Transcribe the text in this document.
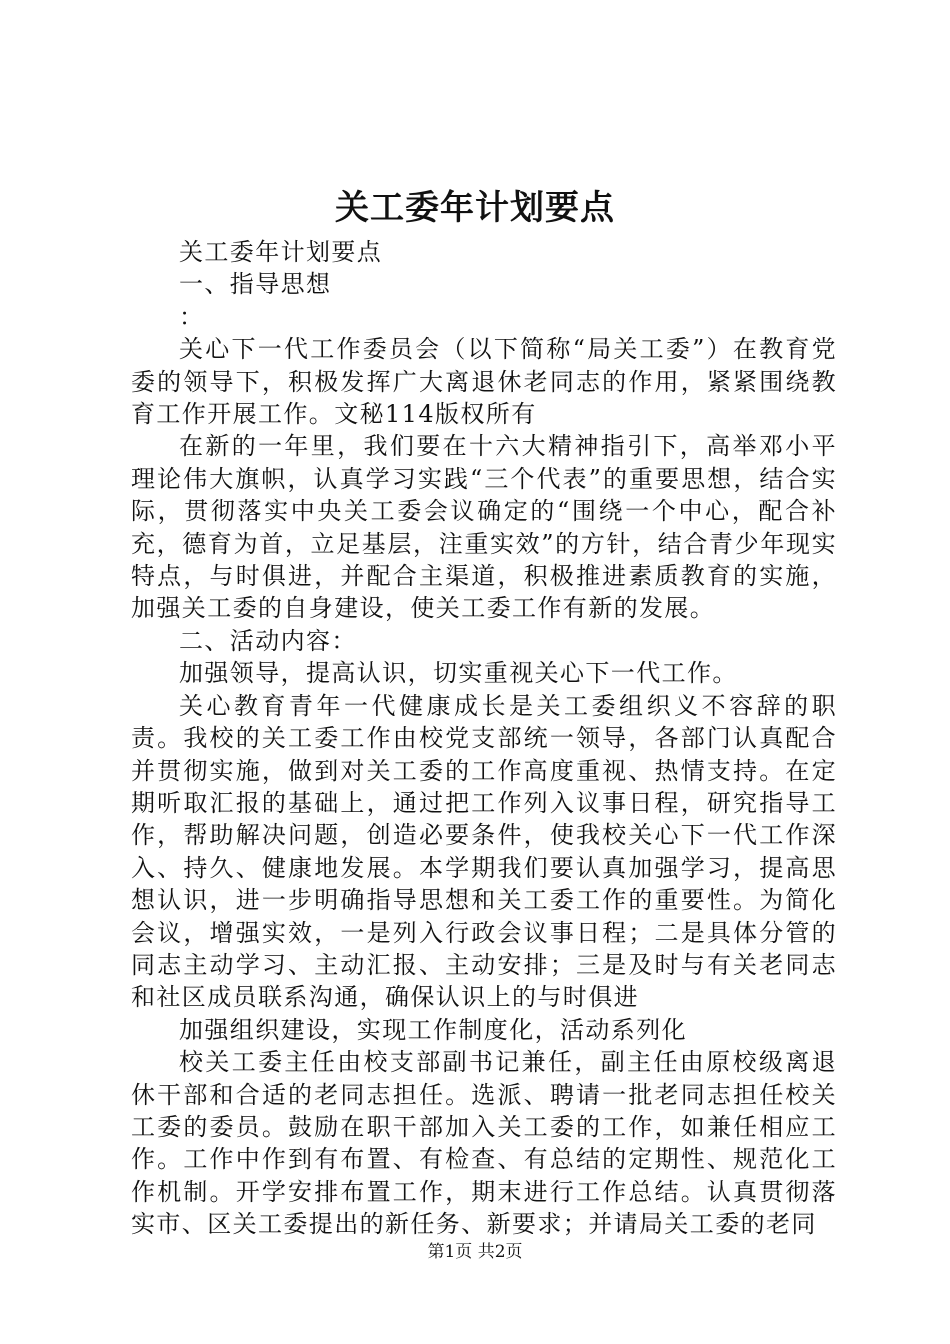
关工委年计划要点

关工委年计划要点

一、指导思想

：

关心下一代工作委员会（以下简称“局关工委”）在教育党委的领导下，积极发挥广大离退休老同志的作用，紧紧围绕教育工作开展工作。文秘114版权所有

在新的一年里，我们要在十六大精神指引下，高举邓小平理论伟大旗帜，认真学习实践“三个代表”的重要思想，结合实际，贯彻落实中央关工委会议确定的“围绕一个中心，配合补充，德育为首，立足基层，注重实效”的方针，结合青少年现实特点，与时俱进，并配合主渠道，积极推进素质教育的实施，加强关工委的自身建设，使关工委工作有新的发展。

二、活动内容：

加强领导，提高认识，切实重视关心下一代工作。

关心教育青年一代健康成长是关工委组织义不容辞的职责。我校的关工委工作由校党支部统一领导，各部门认真配合并贯彻实施，做到对关工委的工作高度重视、热情支持。在定期听取汇报的基础上，通过把工作列入议事日程，研究指导工作，帮助解决问题，创造必要条件，使我校关心下一代工作深入、持久、健康地发展。本学期我们要认真加强学习，提高思想认识，进一步明确指导思想和关工委工作的重要性。为简化会议，增强实效，一是列入行政会议事日程；二是具体分管的同志主动学习、主动汇报、主动安排；三是及时与有关老同志和社区成员联系沟通，确保认识上的与时俱进

加强组织建设，实现工作制度化，活动系列化

校关工委主任由校支部副书记兼任，副主任由原校级离退休干部和合适的老同志担任。选派、聘请一批老同志担任校关工委的委员。鼓励在职干部加入关工委的工作，如兼任相应工作。工作中作到有布置、有检查、有总结的定期性、规范化工作机制。开学安排布置工作，期末进行工作总结。认真贯彻落实市、区关工委提出的新任务、新要求；并请局关工委的老同

第1页 共2页
